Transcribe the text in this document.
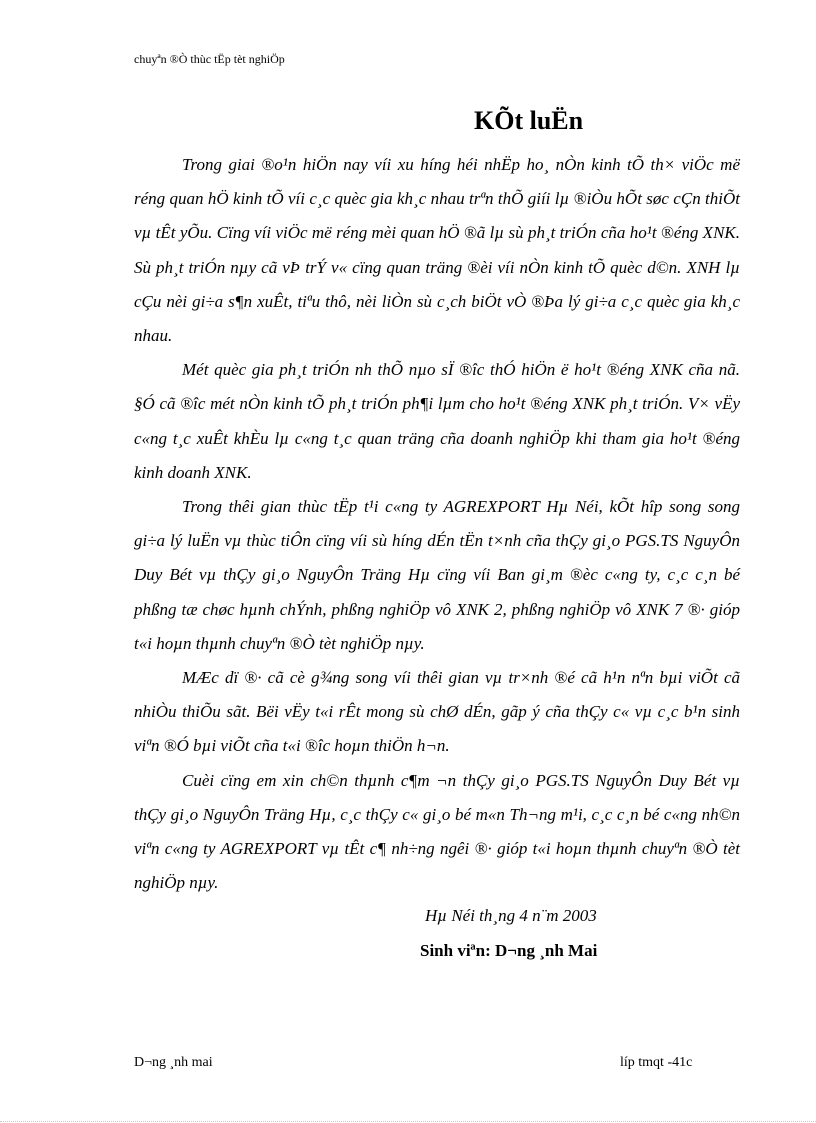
chuyªn ®Ò thùc tËp tèt nghiÖp
KÕt luËn

Trong giai ®o¹n hiÖn nay víi xu híng héi nhËp ho¸ nÒn kinh tÕ th× viÖc më réng quan hÖ kinh tÕ víi c¸c quèc gia kh¸c nhau trªn thÕ giíi lµ ®iÒu hÕt søc cÇn thiÕt vµ tÊt yÕu. Cïng víi viÖc më réng mèi quan hÖ ®ã lµ sù ph¸t triÓn cña ho¹t ®éng XNK. Sù ph¸t triÓn nµy cã vÞ trÝ v« cïng quan träng ®èi víi nÒn kinh tÕ quèc d©n. XNH lµ cÇu nèi gi÷a s¶n xuÊt, tiªu thô, nèi liÒn sù c¸ch biÖt vÒ ®Þa lý gi÷a c¸c quèc gia kh¸c nhau.

Mét quèc gia ph¸t triÓn nh thÕ nµo sÏ ®îc thÓ hiÖn ë ho¹t ®éng XNK cña nã. §Ó cã ®îc mét nÒn kinh tÕ ph¸t triÓn ph¶i lµm cho ho¹t ®éng XNK ph¸t triÓn. V× vËy c«ng t¸c xuÊt khÈu lµ c«ng t¸c quan träng cña doanh nghiÖp khi tham gia ho¹t ®éng kinh doanh XNK.

Trong thêi gian thùc tËp t¹i c«ng ty AGREXPORT Hµ Néi, kÕt hîp song song gi÷a lý luËn vµ thùc tiÔn cïng víi sù híng dÉn tËn t×nh cña thÇy gi¸o PGS.TS NguyÔn Duy Bét vµ thÇy gi¸o NguyÔn Träng Hµ cïng víi Ban gi¸m ®èc c«ng ty, c¸c c¸n bé phßng tæ chøc hµnh chÝnh, phßng nghiÖp vô XNK 2, phßng nghiÖp vô XNK 7 ®· gióp t«i hoµn thµnh chuyªn ®Ò tèt nghiÖp nµy.

MÆc dï ®· cã cè g¾ng song víi thêi gian vµ tr×nh ®é cã h¹n nªn bµi viÕt cã nhiÒu thiÕu sãt. Bëi vËy t«i rÊt mong sù chØ dÉn, gãp ý cña thÇy c« vµ c¸c b¹n sinh viªn ®Ó bµi viÕt cña t«i ®îc hoµn thiÖn h¬n.

Cuèi cïng em xin ch©n thµnh c¶m ¬n thÇy gi¸o PGS.TS NguyÔn Duy Bét vµ thÇy gi¸o NguyÔn Träng Hµ, c¸c thÇy c« gi¸o bé m«n Th¬ng m¹i, c¸c c¸n bé c«ng nh©n viªn c«ng ty AGREXPORT vµ tÊt c¶ nh÷ng ngêi ®· gióp t«i hoµn thµnh chuyªn ®Ò tèt nghiÖp nµy.

Hµ Néi th¸ng 4 n¨m 2003
Sinh viªn: D¬ng ¸nh Mai
D¬ng ¸nh mai	líp tmqt -41c
